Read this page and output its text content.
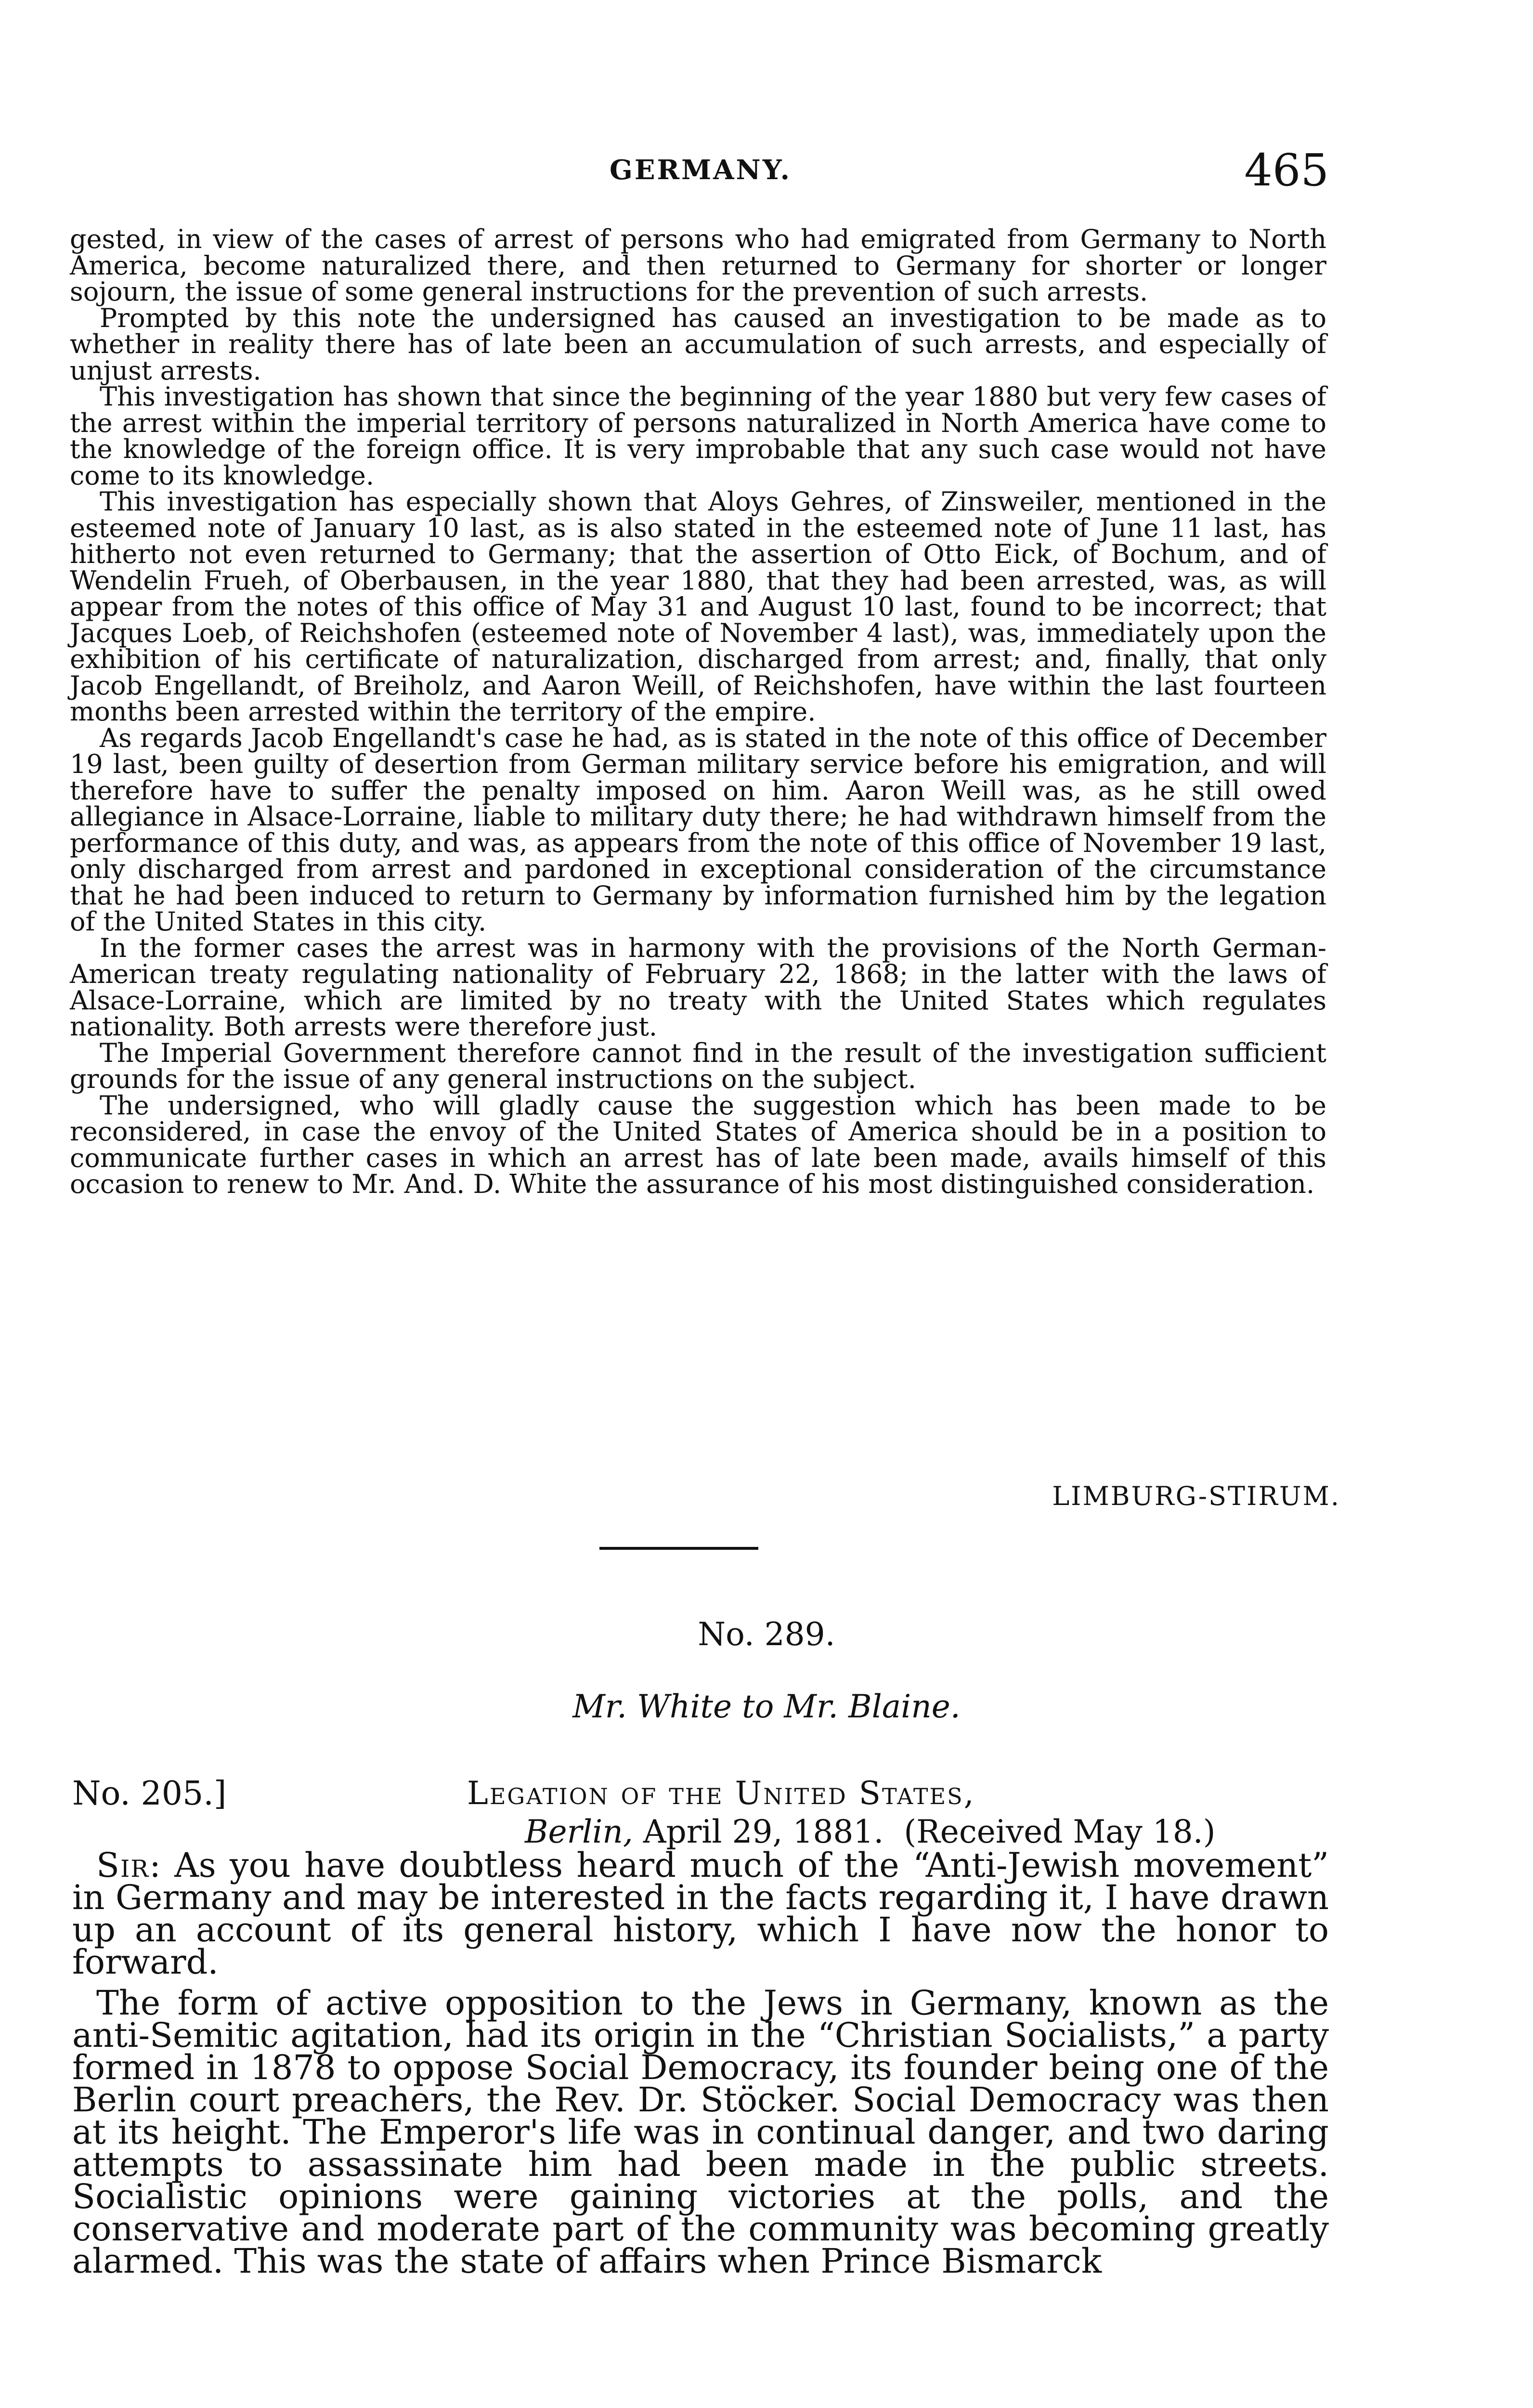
GERMANY.	465

gested, in view of the cases of arrest of persons who had emigrated from Germany to North America, become naturalized there, and then returned to Germany for shorter or longer sojourn, the issue of some general instructions for the prevention of such arrests.

Prompted by this note the undersigned has caused an investigation to be made as to whether in reality there has of late been an accumulation of such arrests, and especially of unjust arrests.

This investigation has shown that since the beginning of the year 1880 but very few cases of the arrest within the imperial territory of persons naturalized in North America have come to the knowledge of the foreign office. It is very improbable that any such case would not have come to its knowledge.

This investigation has especially shown that Aloys Gehres, of Zinsweiler, mentioned in the esteemed note of January 10 last, as is also stated in the esteemed note of June 11 last, has hitherto not even returned to Germany; that the assertion of Otto Eick, of Bochum, and of Wendelin Frueh, of Oberbausen, in the year 1880, that they had been arrested, was, as will appear from the notes of this office of May 31 and August 10 last, found to be incorrect; that Jacques Loeb, of Reichshofen (esteemed note of November 4 last), was, immediately upon the exhibition of his certificate of naturalization, discharged from arrest; and, finally, that only Jacob Engellandt, of Breiholz, and Aaron Weill, of Reichshofen, have within the last fourteen months been arrested within the territory of the empire.

As regards Jacob Engellandt's case he had, as is stated in the note of this office of December 19 last, been guilty of desertion from German military service before his emigration, and will therefore have to suffer the penalty imposed on him. Aaron Weill was, as he still owed allegiance in Alsace-Lorraine, liable to military duty there; he had withdrawn himself from the performance of this duty, and was, as appears from the note of this office of November 19 last, only discharged from arrest and pardoned in exceptional consideration of the circumstance that he had been induced to return to Germany by information furnished him by the legation of the United States in this city.

In the former cases the arrest was in harmony with the provisions of the North German-American treaty regulating nationality of February 22, 1868; in the latter with the laws of Alsace-Lorraine, which are limited by no treaty with the United States which regulates nationality. Both arrests were therefore just.

The Imperial Government therefore cannot find in the result of the investigation sufficient grounds for the issue of any general instructions on the subject.

The undersigned, who will gladly cause the suggestion which has been made to be reconsidered, in case the envoy of the United States of America should be in a position to communicate further cases in which an arrest has of late been made, avails himself of this occasion to renew to Mr. And. D. White the assurance of his most distinguished consideration.

LIMBURG-STIRUM.
No. 289.
Mr. White to Mr. Blaine.
No. 205.]	Legation of the United States,
Berlin, April 29, 1881. (Received May 18.)

Sir: As you have doubtless heard much of the “Anti-Jewish movement” in Germany and may be interested in the facts regarding it, I have drawn up an account of its general history, which I have now the honor to forward.

The form of active opposition to the Jews in Germany, known as the anti-Semitic agitation, had its origin in the “Christian Socialists,” a party formed in 1878 to oppose Social Democracy, its founder being one of the Berlin court preachers, the Rev. Dr. Stöcker. Social Democracy was then at its height. The Emperor's life was in continual danger, and two daring attempts to assassinate him had been made in the public streets. Socialistic opinions were gaining victories at the polls, and the conservative and moderate part of the community was becoming greatly alarmed. This was the state of affairs when Prince Bismarck
